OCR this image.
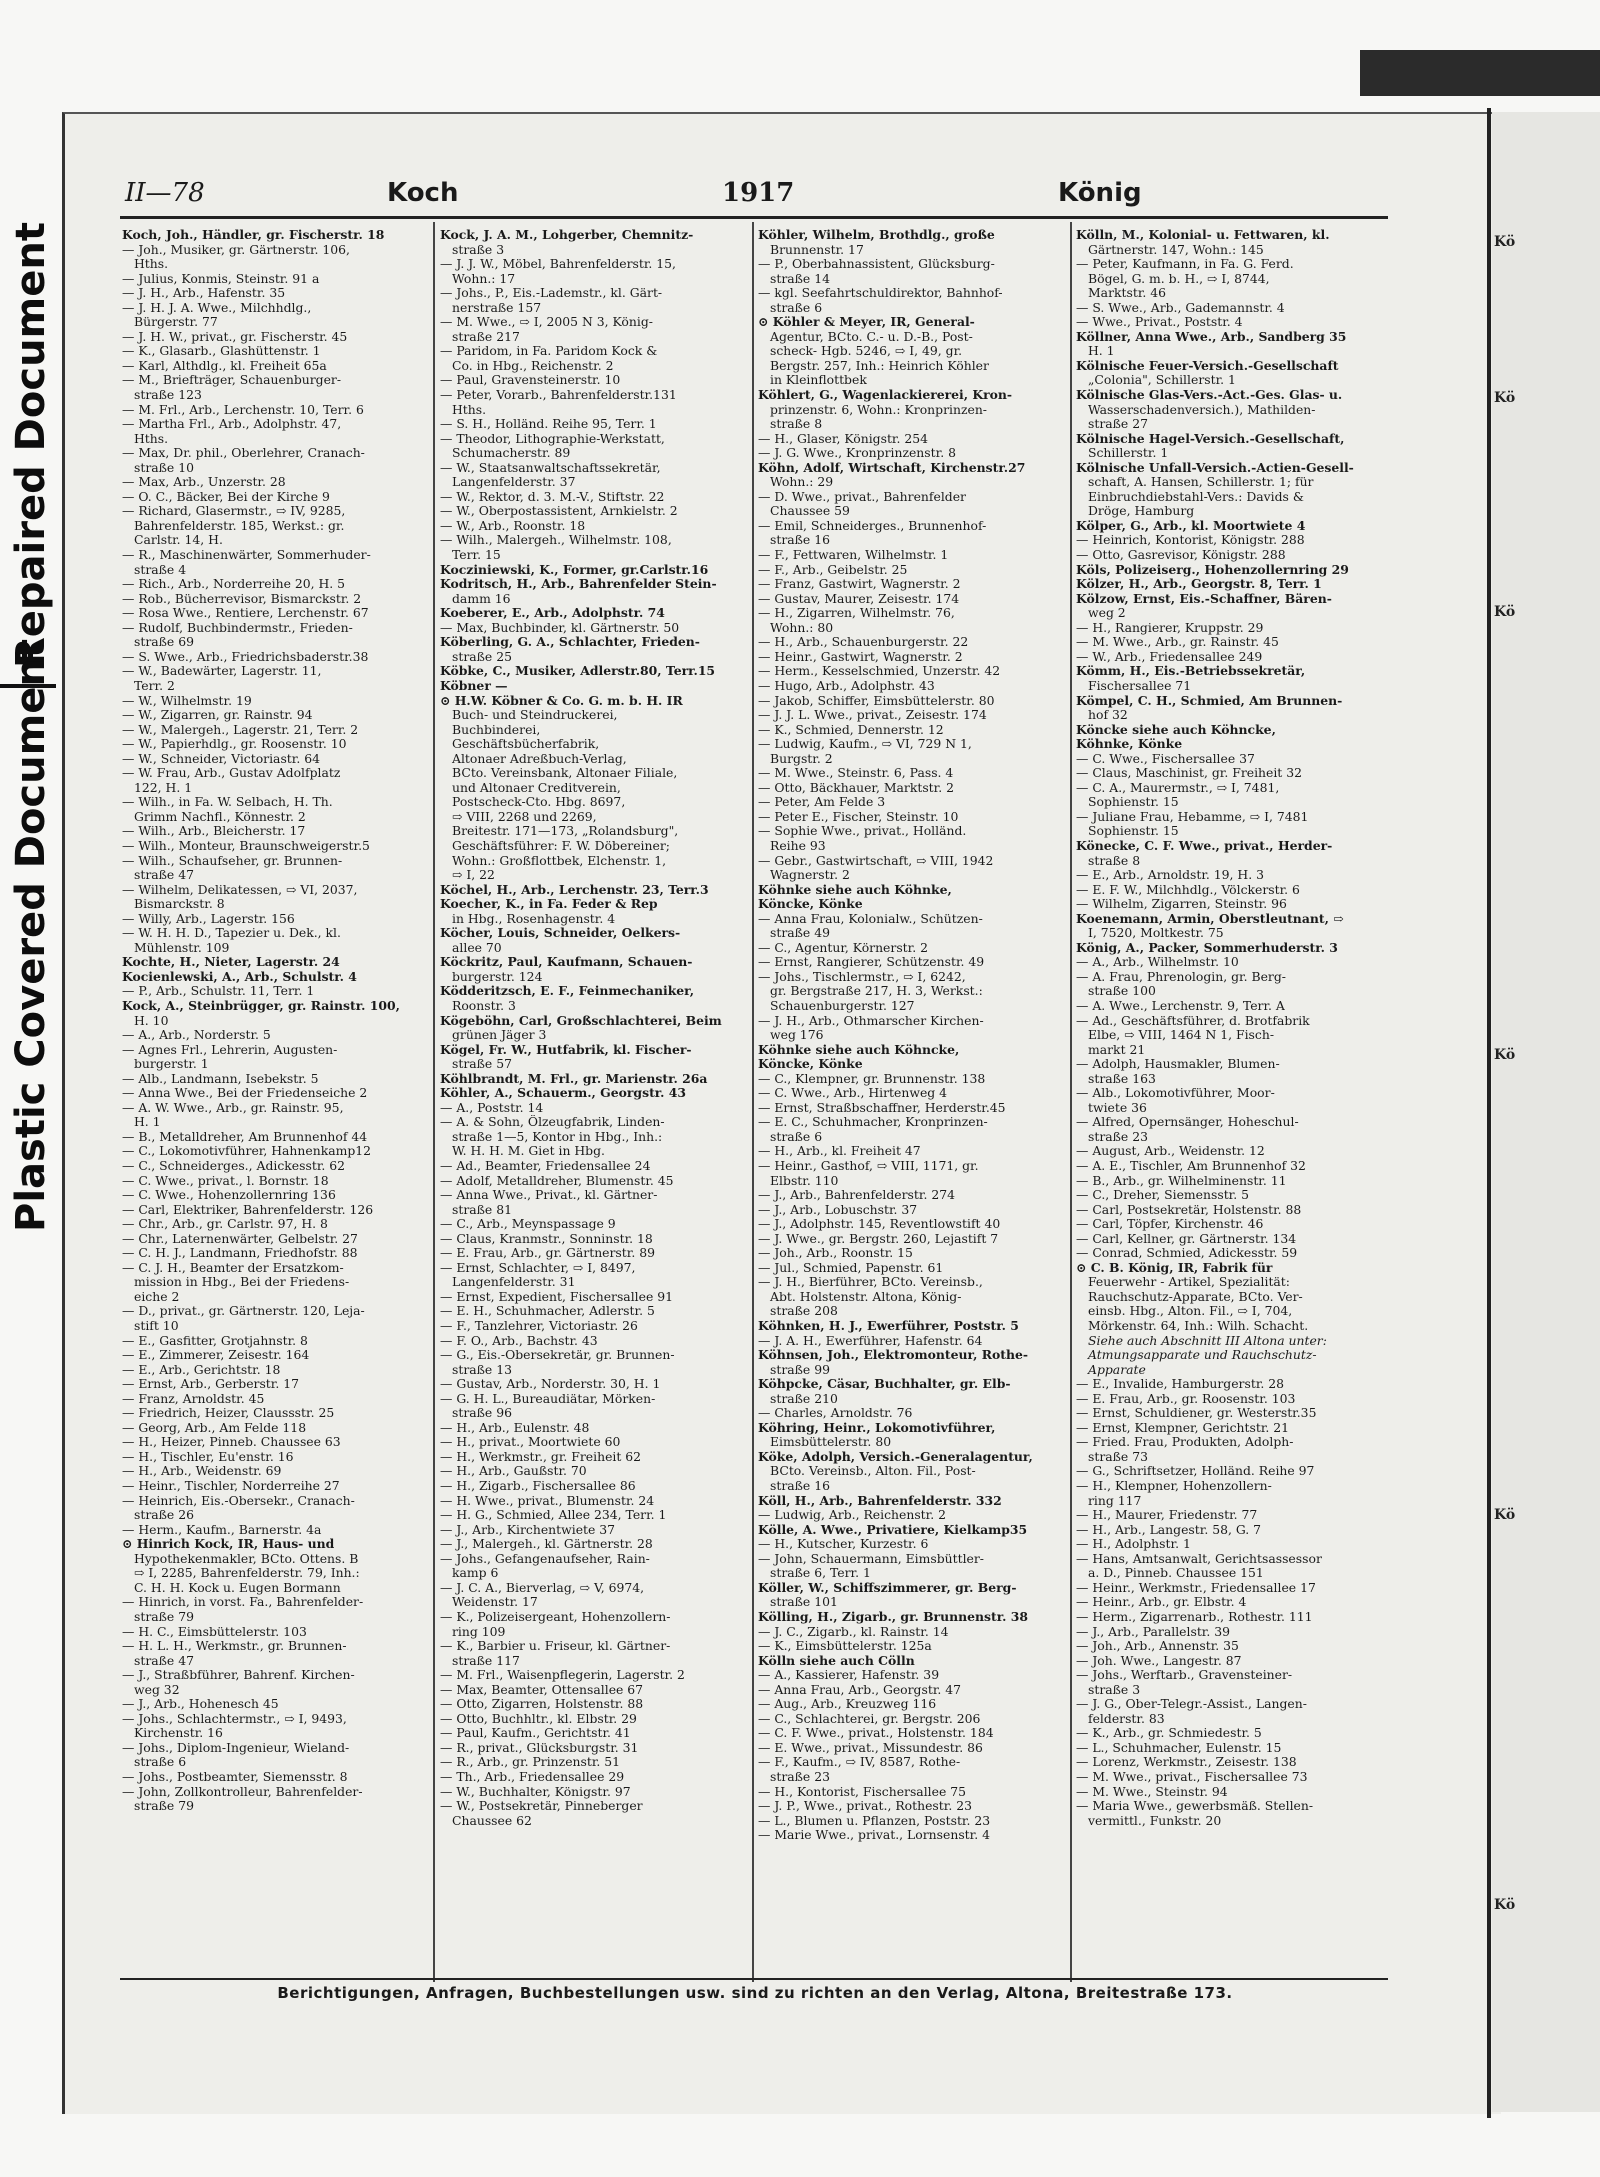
Repaired Document
Plastic Covered Document
Kö
Kö
Kö
Kö
Kö
Kö
II—78	Koch	1917	König
Koch, Joh., Händler, gr. Fischerstr. 18
— Joh., Musiker, gr. Gärtnerstr. 106,
Hths.
— Julius, Konmis, Steinstr. 91 a
— J. H., Arb., Hafenstr. 35
— J. H. J. A. Wwe., Milchhdlg.,
Bürgerstr. 77
— J. H. W., privat., gr. Fischerstr. 45
— K., Glasarb., Glashüttenstr. 1
— Karl, Althdlg., kl. Freiheit 65a
— M., Briefträger, Schauenburger-
straße 123
— M. Frl., Arb., Lerchenstr. 10, Terr. 6
— Martha Frl., Arb., Adolphstr. 47,
Hths.
— Max, Dr. phil., Oberlehrer, Cranach-
straße 10
— Max, Arb., Unzerstr. 28
— O. C., Bäcker, Bei der Kirche 9
— Richard, Glasermstr., ⇨ IV, 9285,
Bahrenfelderstr. 185, Werkst.: gr.
Carlstr. 14, H.
— R., Maschinenwärter, Sommerhuder-
straße 4
— Rich., Arb., Norderreihe 20, H. 5
— Rob., Bücherrevisor, Bismarckstr. 2
— Rosa Wwe., Rentiere, Lerchenstr. 67
— Rudolf, Buchbindermstr., Frieden-
straße 69
— S. Wwe., Arb., Friedrichsbaderstr.38
— W., Badewärter, Lagerstr. 11,
Terr. 2
— W., Wilhelmstr. 19
— W., Zigarren, gr. Rainstr. 94
— W., Malergeh., Lagerstr. 21, Terr. 2
— W., Papierhdlg., gr. Roosenstr. 10
— W., Schneider, Victoriastr. 64
— W. Frau, Arb., Gustav Adolfplatz
122, H. 1
— Wilh., in Fa. W. Selbach, H. Th.
Grimm Nachfl., Könnestr. 2
— Wilh., Arb., Bleicherstr. 17
— Wilh., Monteur, Braunschweigerstr.5
— Wilh., Schaufseher, gr. Brunnen-
straße 47
— Wilhelm, Delikatessen, ⇨ VI, 2037,
Bismarckstr. 8
— Willy, Arb., Lagerstr. 156
— W. H. H. D., Tapezier u. Dek., kl.
Mühlenstr. 109
Kochte, H., Nieter, Lagerstr. 24
Kocienlewski, A., Arb., Schulstr. 4
— P., Arb., Schulstr. 11, Terr. 1
Kock, A., Steinbrügger, gr. Rainstr. 100,
H. 10
— A., Arb., Norderstr. 5
— Agnes Frl., Lehrerin, Augusten-
burgerstr. 1
— Alb., Landmann, Isebekstr. 5
— Anna Wwe., Bei der Friedenseiche 2
— A. W. Wwe., Arb., gr. Rainstr. 95,
H. 1
— B., Metalldreher, Am Brunnenhof 44
— C., Lokomotivführer, Hahnenkamp12
— C., Schneiderges., Adickesstr. 62
— C. Wwe., privat., l. Bornstr. 18
— C. Wwe., Hohenzollernring 136
— Carl, Elektriker, Bahrenfelderstr. 126
— Chr., Arb., gr. Carlstr. 97, H. 8
— Chr., Laternenwärter, Gelbelstr. 27
— C. H. J., Landmann, Friedhofstr. 88
— C. J. H., Beamter der Ersatzkom-
mission in Hbg., Bei der Friedens-
eiche 2
— D., privat., gr. Gärtnerstr. 120, Leja-
stift 10
— E., Gasfitter, Grotjahnstr. 8
— E., Zimmerer, Zeisestr. 164
— E., Arb., Gerichtstr. 18
— Ernst, Arb., Gerberstr. 17
— Franz, Arnoldstr. 45
— Friedrich, Heizer, Claussstr. 25
— Georg, Arb., Am Felde 118
— H., Heizer, Pinneb. Chaussee 63
— H., Tischler, Eu'enstr. 16
— H., Arb., Weidenstr. 69
— Heinr., Tischler, Norderreihe 27
— Heinrich, Eis.-Obersekr., Cranach-
straße 26
— Herm., Kaufm., Barnerstr. 4a
⊙ Hinrich Kock, IR, Haus- und
Hypothekenmakler, BCto. Ottens. B
⇨ I, 2285, Bahrenfelderstr. 79, Inh.:
C. H. H. Kock u. Eugen Bormann
— Hinrich, in vorst. Fa., Bahrenfelder-
straße 79
— H. C., Eimsbüttelerstr. 103
— H. L. H., Werkmstr., gr. Brunnen-
straße 47
— J., Straßbführer, Bahrenf. Kirchen-
weg 32
— J., Arb., Hohenesch 45
— Johs., Schlachtermstr., ⇨ I, 9493,
Kirchenstr. 16
— Johs., Diplom-Ingenieur, Wieland-
straße 6
— Johs., Postbeamter, Siemensstr. 8
— John, Zollkontrolleur, Bahrenfelder-
straße 79
Kock, J. A. M., Lohgerber, Chemnitz-
straße 3
— J. J. W., Möbel, Bahrenfelderstr. 15,
Wohn.: 17
— Johs., P., Eis.-Lademstr., kl. Gärt-
nerstraße 157
— M. Wwe., ⇨ I, 2005 N 3, König-
straße 217
— Paridom, in Fa. Paridom Kock &
Co. in Hbg., Reichenstr. 2
— Paul, Gravensteinerstr. 10
— Peter, Vorarb., Bahrenfelderstr.131
Hths.
— S. H., Holländ. Reihe 95, Terr. 1
— Theodor, Lithographie-Werkstatt,
Schumacherstr. 89
— W., Staatsanwaltschaftssekretär,
Langenfelderstr. 37
— W., Rektor, d. 3. M.-V., Stiftstr. 22
— W., Oberpostassistent, Arnkielstr. 2
— W., Arb., Roonstr. 18
— Wilh., Malergeh., Wilhelmstr. 108,
Terr. 15
Kocziniewski, K., Former, gr.Carlstr.16
Kodritsch, H., Arb., Bahrenfelder Stein-
damm 16
Koeberer, E., Arb., Adolphstr. 74
— Max, Buchbinder, kl. Gärtnerstr. 50
Köberling, G. A., Schlachter, Frieden-
straße 25
Köbke, C., Musiker, Adlerstr.80, Terr.15
Köbner —
⊙ H.W. Köbner & Co. G. m. b. H. IR
Buch- und Steindruckerei,
Buchbinderei,
Geschäftsbücherfabrik,
Altonaer Adreßbuch-Verlag,
BCto. Vereinsbank, Altonaer Filiale,
und Altonaer Creditverein,
Postscheck-Cto. Hbg. 8697,
⇨ VIII, 2268 und 2269,
Breitestr. 171—173, „Rolandsburg",
Geschäftsführer: F. W. Döbereiner;
Wohn.: Großflottbek, Elchenstr. 1,
⇨ I, 22
Köchel, H., Arb., Lerchenstr. 23, Terr.3
Koecher, K., in Fa. Feder & Rep
in Hbg., Rosenhagenstr. 4
Köcher, Louis, Schneider, Oelkers-
allee 70
Köckritz, Paul, Kaufmann, Schauen-
burgerstr. 124
Ködderitzsch, E. F., Feinmechaniker,
Roonstr. 3
Kögeböhn, Carl, Großschlachterei, Beim
grünen Jäger 3
Kögel, Fr. W., Hutfabrik, kl. Fischer-
straße 57
Köhlbrandt, M. Frl., gr. Marienstr. 26a
Köhler, A., Schauerm., Georgstr. 43
— A., Poststr. 14
— A. & Sohn, Ölzeugfabrik, Linden-
straße 1—5, Kontor in Hbg., Inh.:
W. H. H. M. Giet in Hbg.
— Ad., Beamter, Friedensallee 24
— Adolf, Metalldreher, Blumenstr. 45
— Anna Wwe., Privat., kl. Gärtner-
straße 81
— C., Arb., Meynspassage 9
— Claus, Kranmstr., Sonninstr. 18
— E. Frau, Arb., gr. Gärtnerstr. 89
— Ernst, Schlachter, ⇨ I, 8497,
Langenfelderstr. 31
— Ernst, Expedient, Fischersallee 91
— E. H., Schuhmacher, Adlerstr. 5
— F., Tanzlehrer, Victoriastr. 26
— F. O., Arb., Bachstr. 43
— G., Eis.-Obersekretär, gr. Brunnen-
straße 13
— Gustav, Arb., Norderstr. 30, H. 1
— G. H. L., Bureaudiätar, Mörken-
straße 96
— H., Arb., Eulenstr. 48
— H., privat., Moortwiete 60
— H., Werkmstr., gr. Freiheit 62
— H., Arb., Gaußstr. 70
— H., Zigarb., Fischersallee 86
— H. Wwe., privat., Blumenstr. 24
— H. G., Schmied, Allee 234, Terr. 1
— J., Arb., Kirchentwiete 37
— J., Malergeh., kl. Gärtnerstr. 28
— Johs., Gefangenaufseher, Rain-
kamp 6
— J. C. A., Bierverlag, ⇨ V, 6974,
Weidenstr. 17
— K., Polizeisergeant, Hohenzollern-
ring 109
— K., Barbier u. Friseur, kl. Gärtner-
straße 117
— M. Frl., Waisenpflegerin, Lagerstr. 2
— Max, Beamter, Ottensallee 67
— Otto, Zigarren, Holstenstr. 88
— Otto, Buchhltr., kl. Elbstr. 29
— Paul, Kaufm., Gerichtstr. 41
— R., privat., Glücksburgstr. 31
— R., Arb., gr. Prinzenstr. 51
— Th., Arb., Friedensallee 29
— W., Buchhalter, Königstr. 97
— W., Postsekretär, Pinneberger
Chaussee 62
Köhler, Wilhelm, Brothdlg., große
Brunnenstr. 17
— P., Oberbahnassistent, Glücksburg-
straße 14
— kgl. Seefahrtschuldirektor, Bahnhof-
straße 6
⊙ Köhler & Meyer, IR, General-
Agentur, BCto. C.- u. D.-B., Post-
scheck- Hgb. 5246, ⇨ I, 49, gr.
Bergstr. 257, Inh.: Heinrich Köhler
in Kleinflottbek
Köhlert, G., Wagenlackiererei, Kron-
prinzenstr. 6, Wohn.: Kronprinzen-
straße 8
— H., Glaser, Königstr. 254
— J. G. Wwe., Kronprinzenstr. 8
Köhn, Adolf, Wirtschaft, Kirchenstr.27
Wohn.: 29
— D. Wwe., privat., Bahrenfelder
Chaussee 59
— Emil, Schneiderges., Brunnenhof-
straße 16
— F., Fettwaren, Wilhelmstr. 1
— F., Arb., Geibelstr. 25
— Franz, Gastwirt, Wagnerstr. 2
— Gustav, Maurer, Zeisestr. 174
— H., Zigarren, Wilhelmstr. 76,
Wohn.: 80
— H., Arb., Schauenburgerstr. 22
— Heinr., Gastwirt, Wagnerstr. 2
— Herm., Kesselschmied, Unzerstr. 42
— Hugo, Arb., Adolphstr. 43
— Jakob, Schiffer, Eimsbüttelerstr. 80
— J. J. L. Wwe., privat., Zeisestr. 174
— K., Schmied, Dennerstr. 12
— Ludwig, Kaufm., ⇨ VI, 729 N 1,
Burgstr. 2
— M. Wwe., Steinstr. 6, Pass. 4
— Otto, Bäckhauer, Marktstr. 2
— Peter, Am Felde 3
— Peter E., Fischer, Steinstr. 10
— Sophie Wwe., privat., Holländ.
Reihe 93
— Gebr., Gastwirtschaft, ⇨ VIII, 1942
Wagnerstr. 2
Köhnke siehe auch Köhnke,
Köncke, Könke
— Anna Frau, Kolonialw., Schützen-
straße 49
— C., Agentur, Körnerstr. 2
— Ernst, Rangierer, Schützenstr. 49
— Johs., Tischlermstr., ⇨ I, 6242,
gr. Bergstraße 217, H. 3, Werkst.:
Schauenburgerstr. 127
— J. H., Arb., Othmarscher Kirchen-
weg 176
Köhnke siehe auch Köhncke,
Köncke, Könke
— C., Klempner, gr. Brunnenstr. 138
— C. Wwe., Arb., Hirtenweg 4
— Ernst, Straßbschaffner, Herderstr.45
— E. C., Schuhmacher, Kronprinzen-
straße 6
— H., Arb., kl. Freiheit 47
— Heinr., Gasthof, ⇨ VIII, 1171, gr.
Elbstr. 110
— J., Arb., Bahrenfelderstr. 274
— J., Arb., Lobuschstr. 37
— J., Adolphstr. 145, Reventlowstift 40
— J. Wwe., gr. Bergstr. 260, Lejastift 7
— Joh., Arb., Roonstr. 15
— Jul., Schmied, Papenstr. 61
— J. H., Bierführer, BCto. Vereinsb.,
Abt. Holstenstr. Altona, König-
straße 208
Köhnken, H. J., Ewerführer, Poststr. 5
— J. A. H., Ewerführer, Hafenstr. 64
Köhnsen, Joh., Elektromonteur, Rothe-
straße 99
Köhpcke, Cäsar, Buchhalter, gr. Elb-
straße 210
— Charles, Arnoldstr. 76
Köhring, Heinr., Lokomotivführer,
Eimsbüttelerstr. 80
Köke, Adolph, Versich.-Generalagentur,
BCto. Vereinsb., Alton. Fil., Post-
straße 16
Köll, H., Arb., Bahrenfelderstr. 332
— Ludwig, Arb., Reichenstr. 2
Kölle, A. Wwe., Privatiere, Kielkamp35
— H., Kutscher, Kurzestr. 6
— John, Schauermann, Eimsbüttler-
straße 6, Terr. 1
Köller, W., Schiffszimmerer, gr. Berg-
straße 101
Kölling, H., Zigarb., gr. Brunnenstr. 38
— J. C., Zigarb., kl. Rainstr. 14
— K., Eimsbüttelerstr. 125a
Kölln siehe auch Cölln
— A., Kassierer, Hafenstr. 39
— Anna Frau, Arb., Georgstr. 47
— Aug., Arb., Kreuzweg 116
— C., Schlachterei, gr. Bergstr. 206
— C. F. Wwe., privat., Holstenstr. 184
— E. Wwe., privat., Missundestr. 86
— F., Kaufm., ⇨ IV, 8587, Rothe-
straße 23
— H., Kontorist, Fischersallee 75
— J. P., Wwe., privat., Rothestr. 23
— L., Blumen u. Pflanzen, Poststr. 23
— Marie Wwe., privat., Lornsenstr. 4
Kölln, M., Kolonial- u. Fettwaren, kl.
Gärtnerstr. 147, Wohn.: 145
— Peter, Kaufmann, in Fa. G. Ferd.
Bögel, G. m. b. H., ⇨ I, 8744,
Marktstr. 46
— S. Wwe., Arb., Gademannstr. 4
— Wwe., Privat., Poststr. 4
Köllner, Anna Wwe., Arb., Sandberg 35
H. 1
Kölnische Feuer-Versich.-Gesellschaft
„Colonia", Schillerstr. 1
Kölnische Glas-Vers.-Act.-Ges. Glas- u.
Wasserschadenversich.), Mathilden-
straße 27
Kölnische Hagel-Versich.-Gesellschaft,
Schillerstr. 1
Kölnische Unfall-Versich.-Actien-Gesell-
schaft, A. Hansen, Schillerstr. 1; für
Einbruchdiebstahl-Vers.: Davids &
Dröge, Hamburg
Kölper, G., Arb., kl. Moortwiete 4
— Heinrich, Kontorist, Königstr. 288
— Otto, Gasrevisor, Königstr. 288
Köls, Polizeiserg., Hohenzollernring 29
Kölzer, H., Arb., Georgstr. 8, Terr. 1
Kölzow, Ernst, Eis.-Schaffner, Bären-
weg 2
— H., Rangierer, Kruppstr. 29
— M. Wwe., Arb., gr. Rainstr. 45
— W., Arb., Friedensallee 249
Kömm, H., Eis.-Betriebssekretär,
Fischersallee 71
Kömpel, C. H., Schmied, Am Brunnen-
hof 32
Köncke siehe auch Köhncke,
Köhnke, Könke
— C. Wwe., Fischersallee 37
— Claus, Maschinist, gr. Freiheit 32
— C. A., Maurermstr., ⇨ I, 7481,
Sophienstr. 15
— Juliane Frau, Hebamme, ⇨ I, 7481
Sophienstr. 15
Könecke, C. F. Wwe., privat., Herder-
straße 8
— E., Arb., Arnoldstr. 19, H. 3
— E. F. W., Milchhdlg., Völckerstr. 6
— Wilhelm, Zigarren, Steinstr. 96
Koenemann, Armin, Oberstleutnant, ⇨
I, 7520, Moltkestr. 75
König, A., Packer, Sommerhuderstr. 3
— A., Arb., Wilhelmstr. 10
— A. Frau, Phrenologin, gr. Berg-
straße 100
— A. Wwe., Lerchenstr. 9, Terr. A
— Ad., Geschäftsführer, d. Brotfabrik
Elbe, ⇨ VIII, 1464 N 1, Fisch-
markt 21
— Adolph, Hausmakler, Blumen-
straße 163
— Alb., Lokomotivführer, Moor-
twiete 36
— Alfred, Opernsänger, Hoheschul-
straße 23
— August, Arb., Weidenstr. 12
— A. E., Tischler, Am Brunnenhof 32
— B., Arb., gr. Wilhelminenstr. 11
— C., Dreher, Siemensstr. 5
— Carl, Postsekretär, Holstenstr. 88
— Carl, Töpfer, Kirchenstr. 46
— Carl, Kellner, gr. Gärtnerstr. 134
— Conrad, Schmied, Adickesstr. 59
⊙ C. B. König, IR, Fabrik für
Feuerwehr - Artikel, Spezialität:
Rauchschutz-Apparate, BCto. Ver-
einsb. Hbg., Alton. Fil., ⇨ I, 704,
Mörkenstr. 64, Inh.: Wilh. Schacht.
Siehe auch Abschnitt III Altona unter:
Atmungsapparate und Rauchschutz-
Apparate
— E., Invalide, Hamburgerstr. 28
— E. Frau, Arb., gr. Roosenstr. 103
— Ernst, Schuldiener, gr. Westerstr.35
— Ernst, Klempner, Gerichtstr. 21
— Fried. Frau, Produkten, Adolph-
straße 73
— G., Schriftsetzer, Holländ. Reihe 97
— H., Klempner, Hohenzollern-
ring 117
— H., Maurer, Friedenstr. 77
— H., Arb., Langestr. 58, G. 7
— H., Adolphstr. 1
— Hans, Amtsanwalt, Gerichtsassessor
a. D., Pinneb. Chaussee 151
— Heinr., Werkmstr., Friedensallee 17
— Heinr., Arb., gr. Elbstr. 4
— Herm., Zigarrenarb., Rothestr. 111
— J., Arb., Parallelstr. 39
— Joh., Arb., Annenstr. 35
— Joh. Wwe., Langestr. 87
— Johs., Werftarb., Gravensteiner-
straße 3
— J. G., Ober-Telegr.-Assist., Langen-
felderstr. 83
— K., Arb., gr. Schmiedestr. 5
— L., Schuhmacher, Eulenstr. 15
— Lorenz, Werkmstr., Zeisestr. 138
— M. Wwe., privat., Fischersallee 73
— M. Wwe., Steinstr. 94
— Maria Wwe., gewerbsmäß. Stellen-
vermittl., Funkstr. 20
Berichtigungen, Anfragen, Buchbestellungen usw. sind zu richten an den Verlag, Altona, Breitestraße 173.
